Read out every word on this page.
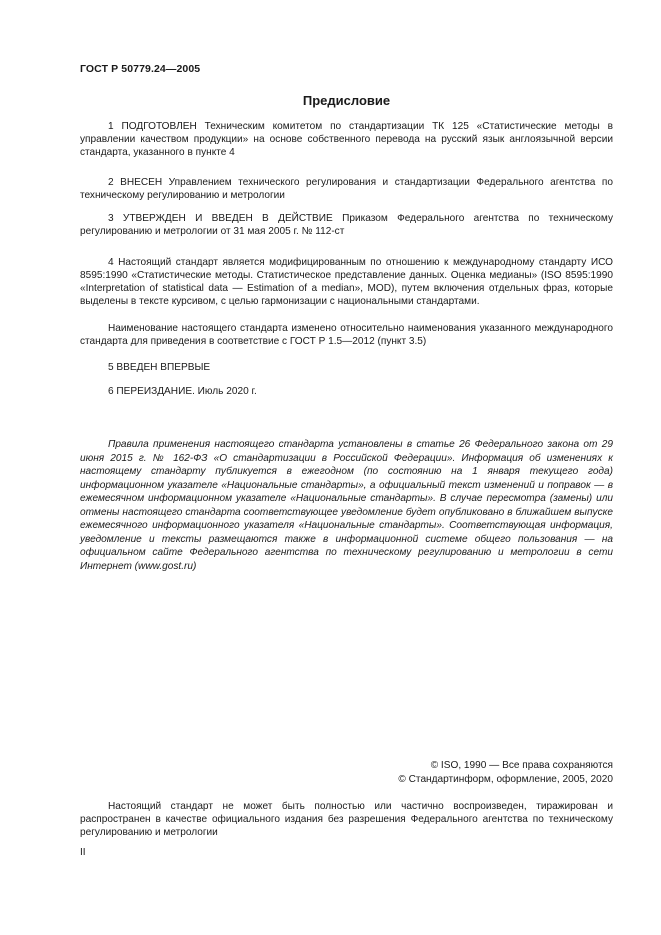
ГОСТ Р 50779.24—2005
Предисловие

1 ПОДГОТОВЛЕН Техническим комитетом по стандартизации ТК 125 «Статистические методы в управлении качеством продукции» на основе собственного перевода на русский язык англоязычной версии стандарта, указанного в пункте 4

2 ВНЕСЕН Управлением технического регулирования и стандартизации Федерального агентства по техническому регулированию и метрологии

3 УТВЕРЖДЕН И ВВЕДЕН В ДЕЙСТВИЕ Приказом Федерального агентства по техническому регулированию и метрологии от 31 мая 2005 г. № 112-ст

4 Настоящий стандарт является модифицированным по отношению к международному стандарту ИСО 8595:1990 «Статистические методы. Статистическое представление данных. Оценка медианы» (ISO 8595:1990 «Interpretation of statistical data — Estimation of a median», MOD), путем включения отдельных фраз, которые выделены в тексте курсивом, с целью гармонизации с национальными стандартами.

Наименование настоящего стандарта изменено относительно наименования указанного международного стандарта для приведения в соответствие с ГОСТ Р 1.5—2012 (пункт 3.5)

5 ВВЕДЕН ВПЕРВЫЕ

6 ПЕРЕИЗДАНИЕ. Июль 2020 г.

Правила применения настоящего стандарта установлены в статье 26 Федерального закона от 29 июня 2015 г. № 162-ФЗ «О стандартизации в Российской Федерации». Информация об изменениях к настоящему стандарту публикуется в ежегодном (по состоянию на 1 января текущего года) информационном указателе «Национальные стандарты», а официальный текст изменений и поправок — в ежемесячном информационном указателе «Национальные стандарты». В случае пересмотра (замены) или отмены настоящего стандарта соответствующее уведомление будет опубликовано в ближайшем выпуске ежемесячного информационного указателя «Национальные стандарты». Соответствующая информация, уведомление и тексты размещаются также в информационной системе общего пользования — на официальном сайте Федерального агентства по техническому регулированию и метрологии в сети Интернет (www.gost.ru)

© ISO, 1990 — Все права сохраняются
© Стандартинформ, оформление, 2005, 2020

Настоящий стандарт не может быть полностью или частично воспроизведен, тиражирован и распространен в качестве официального издания без разрешения Федерального агентства по техническому регулированию и метрологии

II
